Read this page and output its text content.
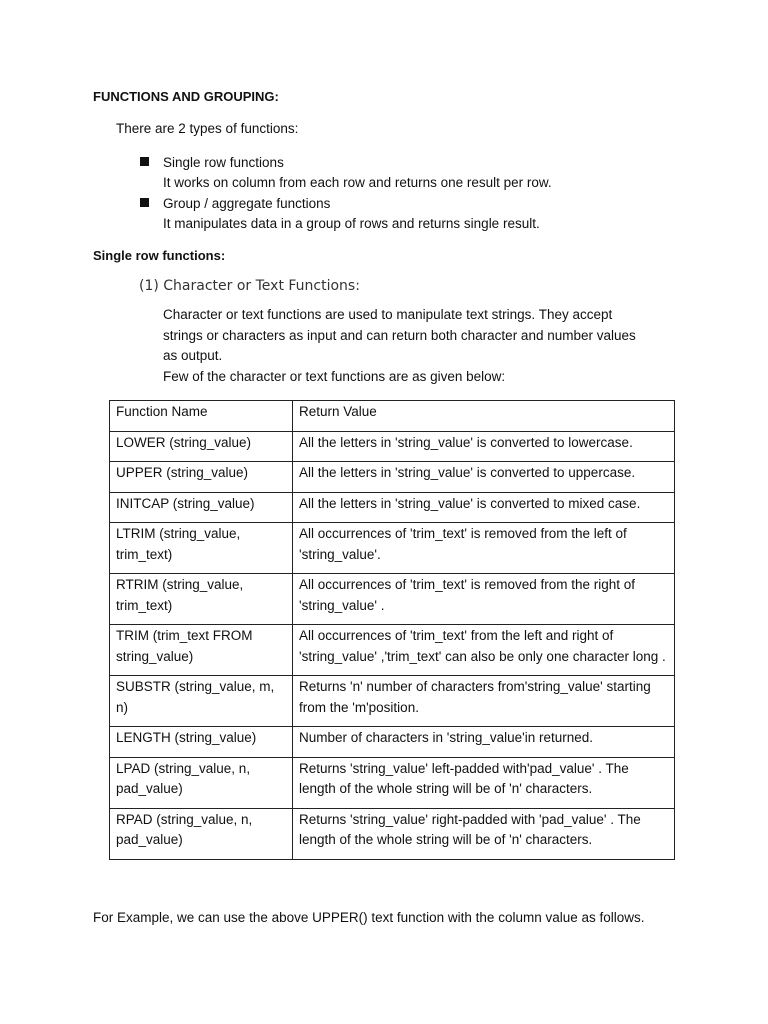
FUNCTIONS AND GROUPING:
There are 2 types of functions:
Single row functions
It works on column from each row and returns one result per row.
Group / aggregate functions
It manipulates data in a group of rows and returns single result.
Single row functions:
(1) Character or Text Functions:
Character or text functions are used to manipulate text strings. They accept
strings or characters as input and can return both character and number values
as output.
Few of the character or text functions are as given below:
Function Name	Return Value
LOWER (string_value)	All the letters in 'string_value' is converted to lowercase.
UPPER (string_value)	All the letters in 'string_value' is converted to uppercase.
INITCAP (string_value)	All the letters in 'string_value' is converted to mixed case.
LTRIM (string_value, trim_text)	All occurrences of 'trim_text' is removed from the left of 'string_value'.
RTRIM (string_value, trim_text)	All occurrences of 'trim_text' is removed from the right of 'string_value' .
TRIM (trim_text FROM string_value)	All occurrences of 'trim_text' from the left and right of 'string_value' ,'trim_text' can also be only one character long .
SUBSTR (string_value, m, n)	Returns 'n' number of characters from'string_value' starting from the 'm'position.
LENGTH (string_value)	Number of characters in 'string_value'in returned.
LPAD (string_value, n, pad_value)	Returns 'string_value' left-padded with'pad_value' . The length of the whole string will be of 'n' characters.
RPAD (string_value, n, pad_value)	Returns 'string_value' right-padded with 'pad_value' . The length of the whole string will be of 'n' characters.
For Example, we can use the above UPPER() text function with the column value as follows.
